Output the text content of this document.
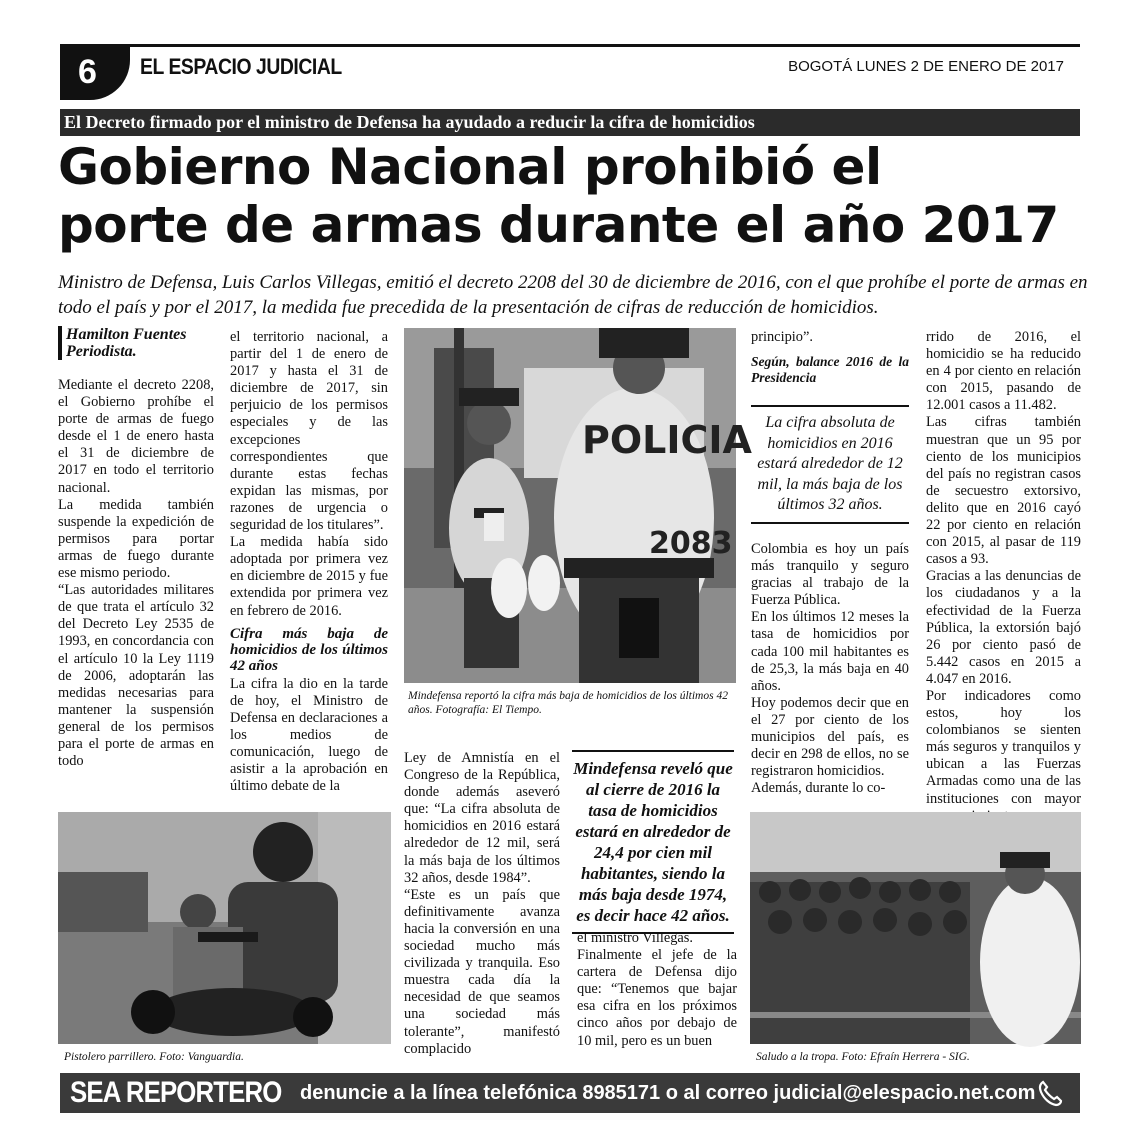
6	EL ESPACIO JUDICIAL	BOGOTÁ LUNES 2 DE ENERO DE 2017
El Decreto firmado por el ministro de Defensa ha ayudado a reducir la cifra de homicidios
Gobierno Nacional prohibió el
porte de armas durante el año 2017
Ministro de Defensa, Luis Carlos Villegas, emitió el decreto 2208 del 30 de diciembre de 2016, con el que prohíbe el porte de armas en todo el país y por el 2017, la medida fue precedida de la presentación de cifras de reducción de homicidios.
Hamilton Fuentes
Periodista.

Mediante el decreto 2208, el Gobierno prohíbe el porte de armas de fuego desde el 1 de enero hasta el 31 de diciembre de 2017 en todo el territorio nacional.

La medida también suspende la expedición de permisos para portar armas de fuego durante ese mismo periodo.

“Las autoridades militares de que trata el artículo 32 del Decreto Ley 2535 de 1993, en concordancia con el artículo 10 la Ley 1119 de 2006, adoptarán las medidas necesarias para mantener la suspensión general de los permisos para el porte de armas en todo

el territorio nacional, a partir del 1 de enero de 2017 y hasta el 31 de diciembre de 2017, sin perjuicio de los permisos especiales y de las excepciones correspondientes que durante estas fechas expidan las mismas, por razones de urgencia o seguridad de los titulares”.

La medida había sido adoptada por primera vez en diciembre de 2015 y fue extendida por primera vez en febrero de 2016.

Cifra más baja de homicidios de los últimos 42 años

La cifra la dio en la tarde de hoy, el Ministro de Defensa en declaraciones a los medios de comunicación, luego de asistir a la aprobación en último debate de la

POLICIA
2083
Mindefensa reportó la cifra más baja de homicidios de los últimos 42 años. Fotografía: El Tiempo.

Ley de Amnistía en el Congreso de la República, donde además aseveró que: “La cifra absoluta de homicidios en 2016 estará alrededor de 12 mil, será la más baja de los últimos 32 años, desde 1984”.

“Este es un país que definitivamente avanza hacia la conversión en una sociedad mucho más civilizada y tranquila. Eso muestra cada día la necesidad de que seamos una sociedad más tolerante”, manifestó complacido

Mindefensa reveló que al cierre de 2016 la tasa de homicidios estará en alrededor de 24,4 por cien mil habitantes, siendo la más baja desde 1974, es decir hace 42 años.

el ministro Villegas.

Finalmente el jefe de la cartera de Defensa dijo que: “Tenemos que bajar esa cifra en los próximos cinco años por debajo de 10 mil, pero es un buen

principio”.

Según, balance 2016 de la Presidencia

La cifra absoluta de homicidios en 2016 estará alrededor de 12 mil, la más baja de los últimos 32 años.

Colombia es hoy un país más tranquilo y seguro gracias al trabajo de la Fuerza Pública.

En los últimos 12 meses la tasa de homicidios por cada 100 mil habitantes es de 25,3, la más baja en 40 años.

Hoy podemos decir que en el 27 por ciento de los municipios del país, es decir en 298 de ellos, no se registraron homicidios.

Además, durante lo co-

rrido de 2016, el homicidio se ha reducido en 4 por ciento en relación con 2015, pasando de 12.001 casos a 11.482.

Las cifras también muestran que un 95 por ciento de los municipios del país no registran casos de secuestro extorsivo, delito que en 2016 cayó 22 por ciento en relación con 2015, al pasar de 119 casos a 93.

Gracias a las denuncias de los ciudadanos y a la efectividad de la Fuerza Pública, la extorsión bajó 26 por ciento pasó de 5.442 casos en 2015 a 4.047 en 2016.

Por indicadores como estos, hoy los colombianos se sienten más seguros y tranquilos y ubican a las Fuerzas Armadas como una de las instituciones con mayor

Pistolero parrillero. Foto: Vanguardia.	Saludo a la tropa. Foto: Efraín Herrera - SIG.
SEA REPORTERO denuncie a la línea telefónica 8985171 o al correo judicial@elespacio.net.com
